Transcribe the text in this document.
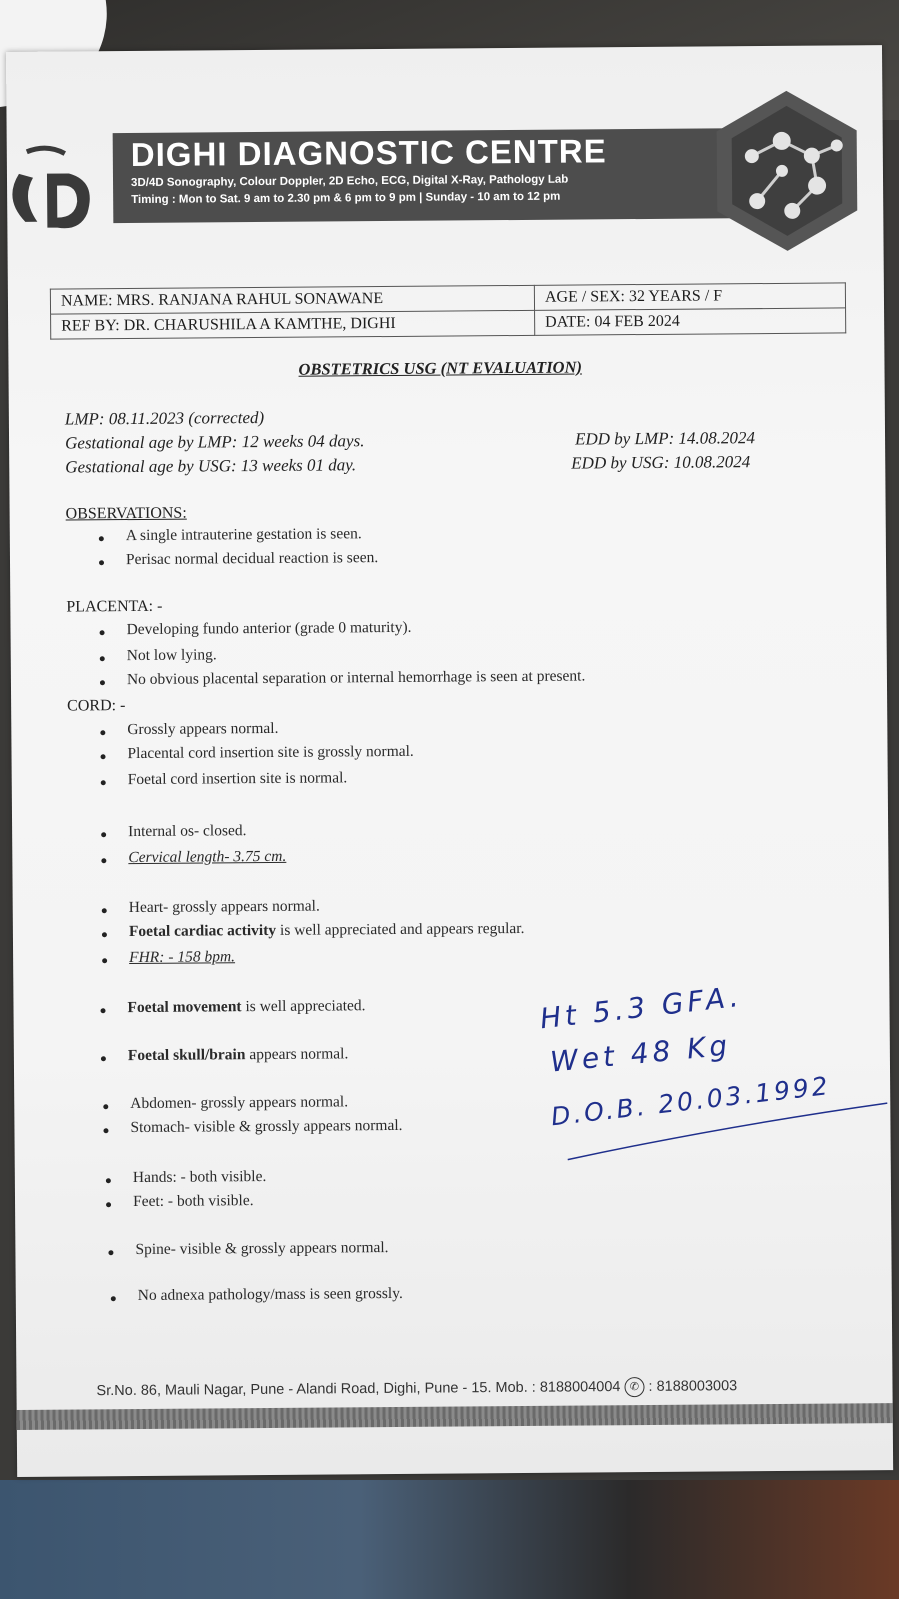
DIGHI DIAGNOSTIC CENTRE
3D/4D Sonography, Colour Doppler, 2D Echo, ECG, Digital X-Ray, Pathology Lab
Timing : Mon to Sat. 9 am to 2.30 pm & 6 pm to 9 pm | Sunday - 10 am to 12 pm
NAME: MRS. RANJANA RAHUL SONAWANE	AGE / SEX: 32 YEARS / F
REF BY: DR. CHARUSHILA A KAMTHE, DIGHI	DATE: 04 FEB 2024
OBSTETRICS USG (NT EVALUATION)
LMP: 08.11.2023 (corrected)
Gestational age by LMP: 12 weeks 04 days.
Gestational age by USG: 13 weeks 01 day.
EDD by LMP: 14.08.2024
EDD by USG: 10.08.2024
OBSERVATIONS:
A single intrauterine gestation is seen.
Perisac normal decidual reaction is seen.
PLACENTA: -
Developing fundo anterior (grade 0 maturity).
Not low lying.
No obvious placental separation or internal hemorrhage is seen at present.
CORD: -
Grossly appears normal.
Placental cord insertion site is grossly normal.
Foetal cord insertion site is normal.
Internal os- closed.
Cervical length- 3.75 cm.
Heart- grossly appears normal.
Foetal cardiac activity is well appreciated and appears regular.
FHR: - 158 bpm.
Foetal movement is well appreciated.
Foetal skull/brain appears normal.
Abdomen- grossly appears normal.
Stomach- visible & grossly appears normal.
Hands: - both visible.
Feet: - both visible.
Spine- visible & grossly appears normal.
No adnexa pathology/mass is seen grossly.
Ht 5.3 GFA.
Wet 48 Kg
D.O.B. 20.03.1992
Sr.No. 86, Mauli Nagar, Pune - Alandi Road, Dighi, Pune - 15. Mob. : 8188004004 ✆ : 8188003003
